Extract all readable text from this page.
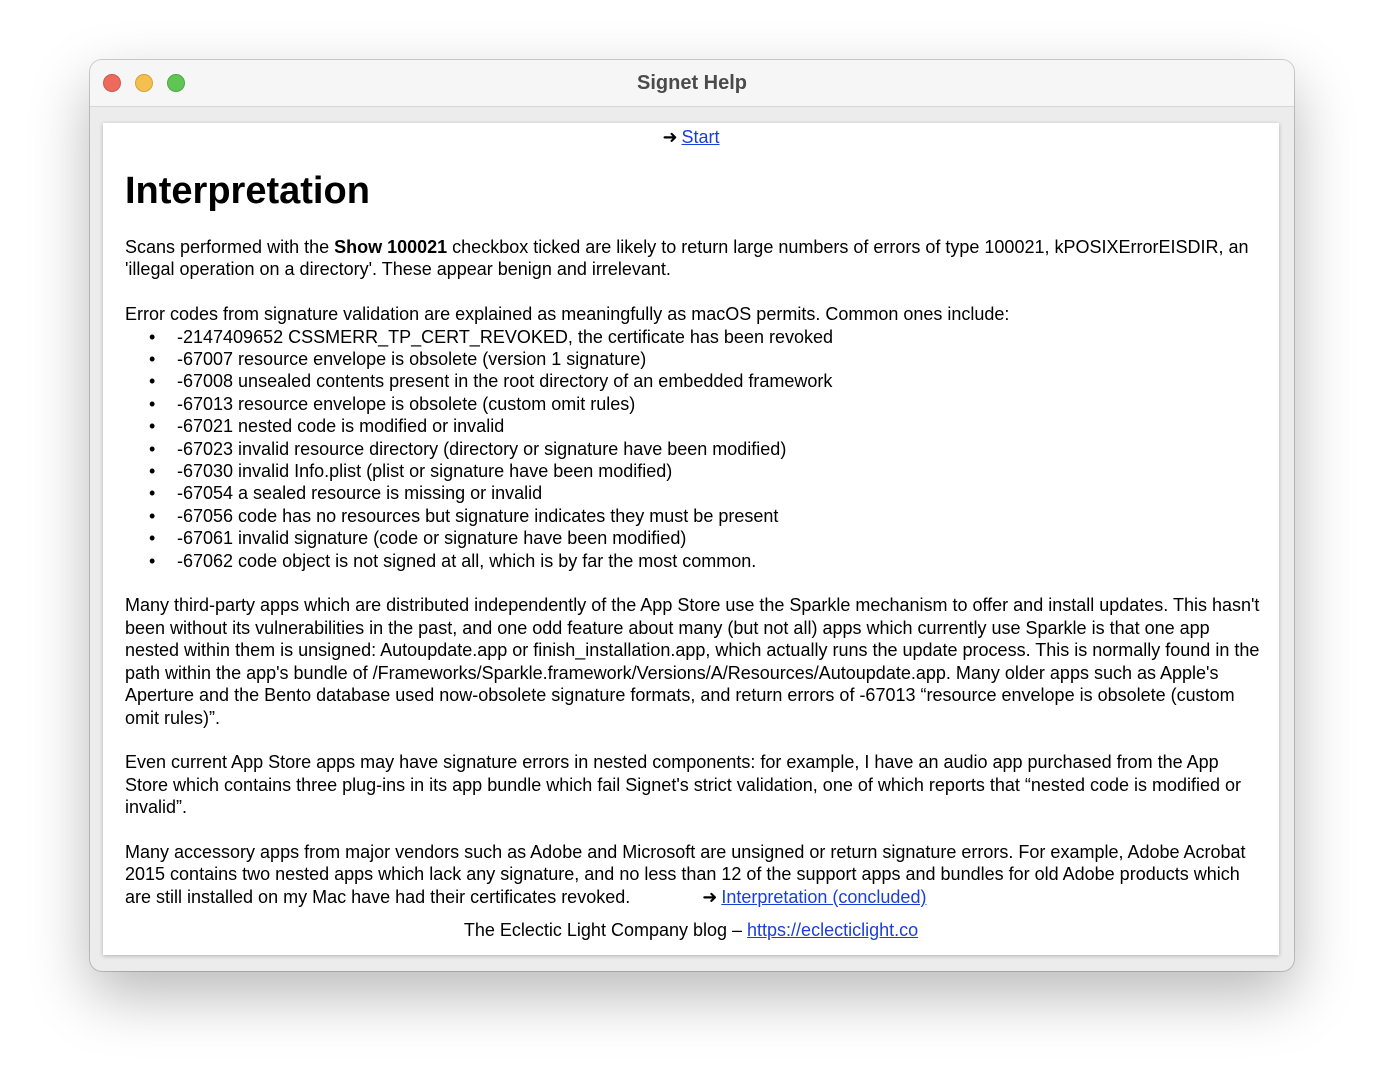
Signet Help
➜ Start
Interpretation

Scans performed with the Show 100021 checkbox ticked are likely to return large numbers of errors of type 100021, kPOSIXErrorEISDIR, an 'illegal operation on a directory'. These appear benign and irrelevant.

Error codes from signature validation are explained as meaningfully as macOS permits. Common ones include:

• -2147409652 CSSMERR_TP_CERT_REVOKED, the certificate has been revoked
• -67007 resource envelope is obsolete (version 1 signature)
• -67008 unsealed contents present in the root directory of an embedded framework
• -67013 resource envelope is obsolete (custom omit rules)
• -67021 nested code is modified or invalid
• -67023 invalid resource directory (directory or signature have been modified)
• -67030 invalid Info.plist (plist or signature have been modified)
• -67054 a sealed resource is missing or invalid
• -67056 code has no resources but signature indicates they must be present
• -67061 invalid signature (code or signature have been modified)
• -67062 code object is not signed at all, which is by far the most common.

Many third-party apps which are distributed independently of the App Store use the Sparkle mechanism to offer and install updates. This hasn't been without its vulnerabilities in the past, and one odd feature about many (but not all) apps which currently use Sparkle is that one app nested within them is unsigned: Autoupdate.app or finish_installation.app, which actually runs the update process. This is normally found in the path within the app's bundle of /Frameworks/Sparkle.framework/Versions/A/Resources/Autoupdate.app. Many older apps such as Apple's Aperture and the Bento database used now-obsolete signature formats, and return errors of -67013 “resource envelope is obsolete (custom omit rules)”.

Even current App Store apps may have signature errors in nested components: for example, I have an audio app purchased from the App Store which contains three plug-ins in its app bundle which fail Signet's strict validation, one of which reports that “nested code is modified or invalid”.

Many accessory apps from major vendors such as Adobe and Microsoft are unsigned or return signature errors. For example, Adobe Acrobat 2015 contains two nested apps which lack any signature, and no less than 12 of the support apps and bundles for old Adobe products which are still installed on my Mac have had their certificates revoked.	➜ Interpretation (concluded)

The Eclectic Light Company blog – https://eclecticlight.co
